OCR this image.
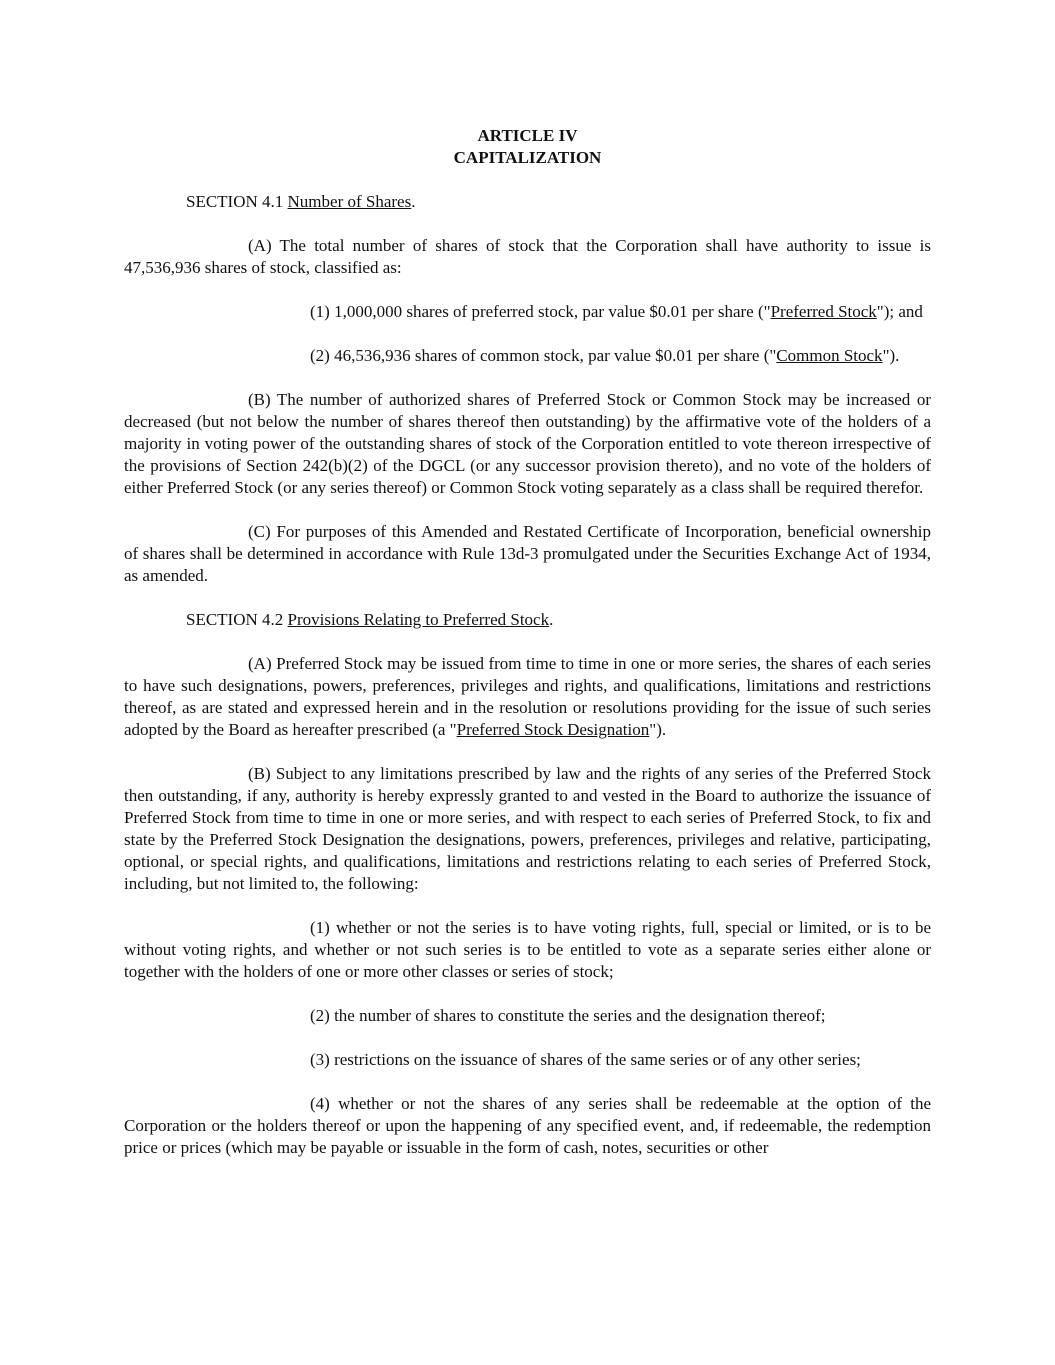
ARTICLE IV
CAPITALIZATION

SECTION 4.1 Number of Shares.

(A) The total number of shares of stock that the Corporation shall have authority to issue is 47,536,936 shares of stock, classified as:

(1) 1,000,000 shares of preferred stock, par value $0.01 per share ("Preferred Stock"); and

(2) 46,536,936 shares of common stock, par value $0.01 per share ("Common Stock").

(B) The number of authorized shares of Preferred Stock or Common Stock may be increased or decreased (but not below the number of shares thereof then outstanding) by the affirmative vote of the holders of a majority in voting power of the outstanding shares of stock of the Corporation entitled to vote thereon irrespective of the provisions of Section 242(b)(2) of the DGCL (or any successor provision thereto), and no vote of the holders of either Preferred Stock (or any series thereof) or Common Stock voting separately as a class shall be required therefor.

(C) For purposes of this Amended and Restated Certificate of Incorporation, beneficial ownership of shares shall be determined in accordance with Rule 13d-3 promulgated under the Securities Exchange Act of 1934, as amended.

SECTION 4.2 Provisions Relating to Preferred Stock.

(A) Preferred Stock may be issued from time to time in one or more series, the shares of each series to have such designations, powers, preferences, privileges and rights, and qualifications, limitations and restrictions thereof, as are stated and expressed herein and in the resolution or resolutions providing for the issue of such series adopted by the Board as hereafter prescribed (a "Preferred Stock Designation").

(B) Subject to any limitations prescribed by law and the rights of any series of the Preferred Stock then outstanding, if any, authority is hereby expressly granted to and vested in the Board to authorize the issuance of Preferred Stock from time to time in one or more series, and with respect to each series of Preferred Stock, to fix and state by the Preferred Stock Designation the designations, powers, preferences, privileges and relative, participating, optional, or special rights, and qualifications, limitations and restrictions relating to each series of Preferred Stock, including, but not limited to, the following:

(1) whether or not the series is to have voting rights, full, special or limited, or is to be without voting rights, and whether or not such series is to be entitled to vote as a separate series either alone or together with the holders of one or more other classes or series of stock;

(2) the number of shares to constitute the series and the designation thereof;

(3) restrictions on the issuance of shares of the same series or of any other series;

(4) whether or not the shares of any series shall be redeemable at the option of the Corporation or the holders thereof or upon the happening of any specified event, and, if redeemable, the redemption price or prices (which may be payable or issuable in the form of cash, notes, securities or other
